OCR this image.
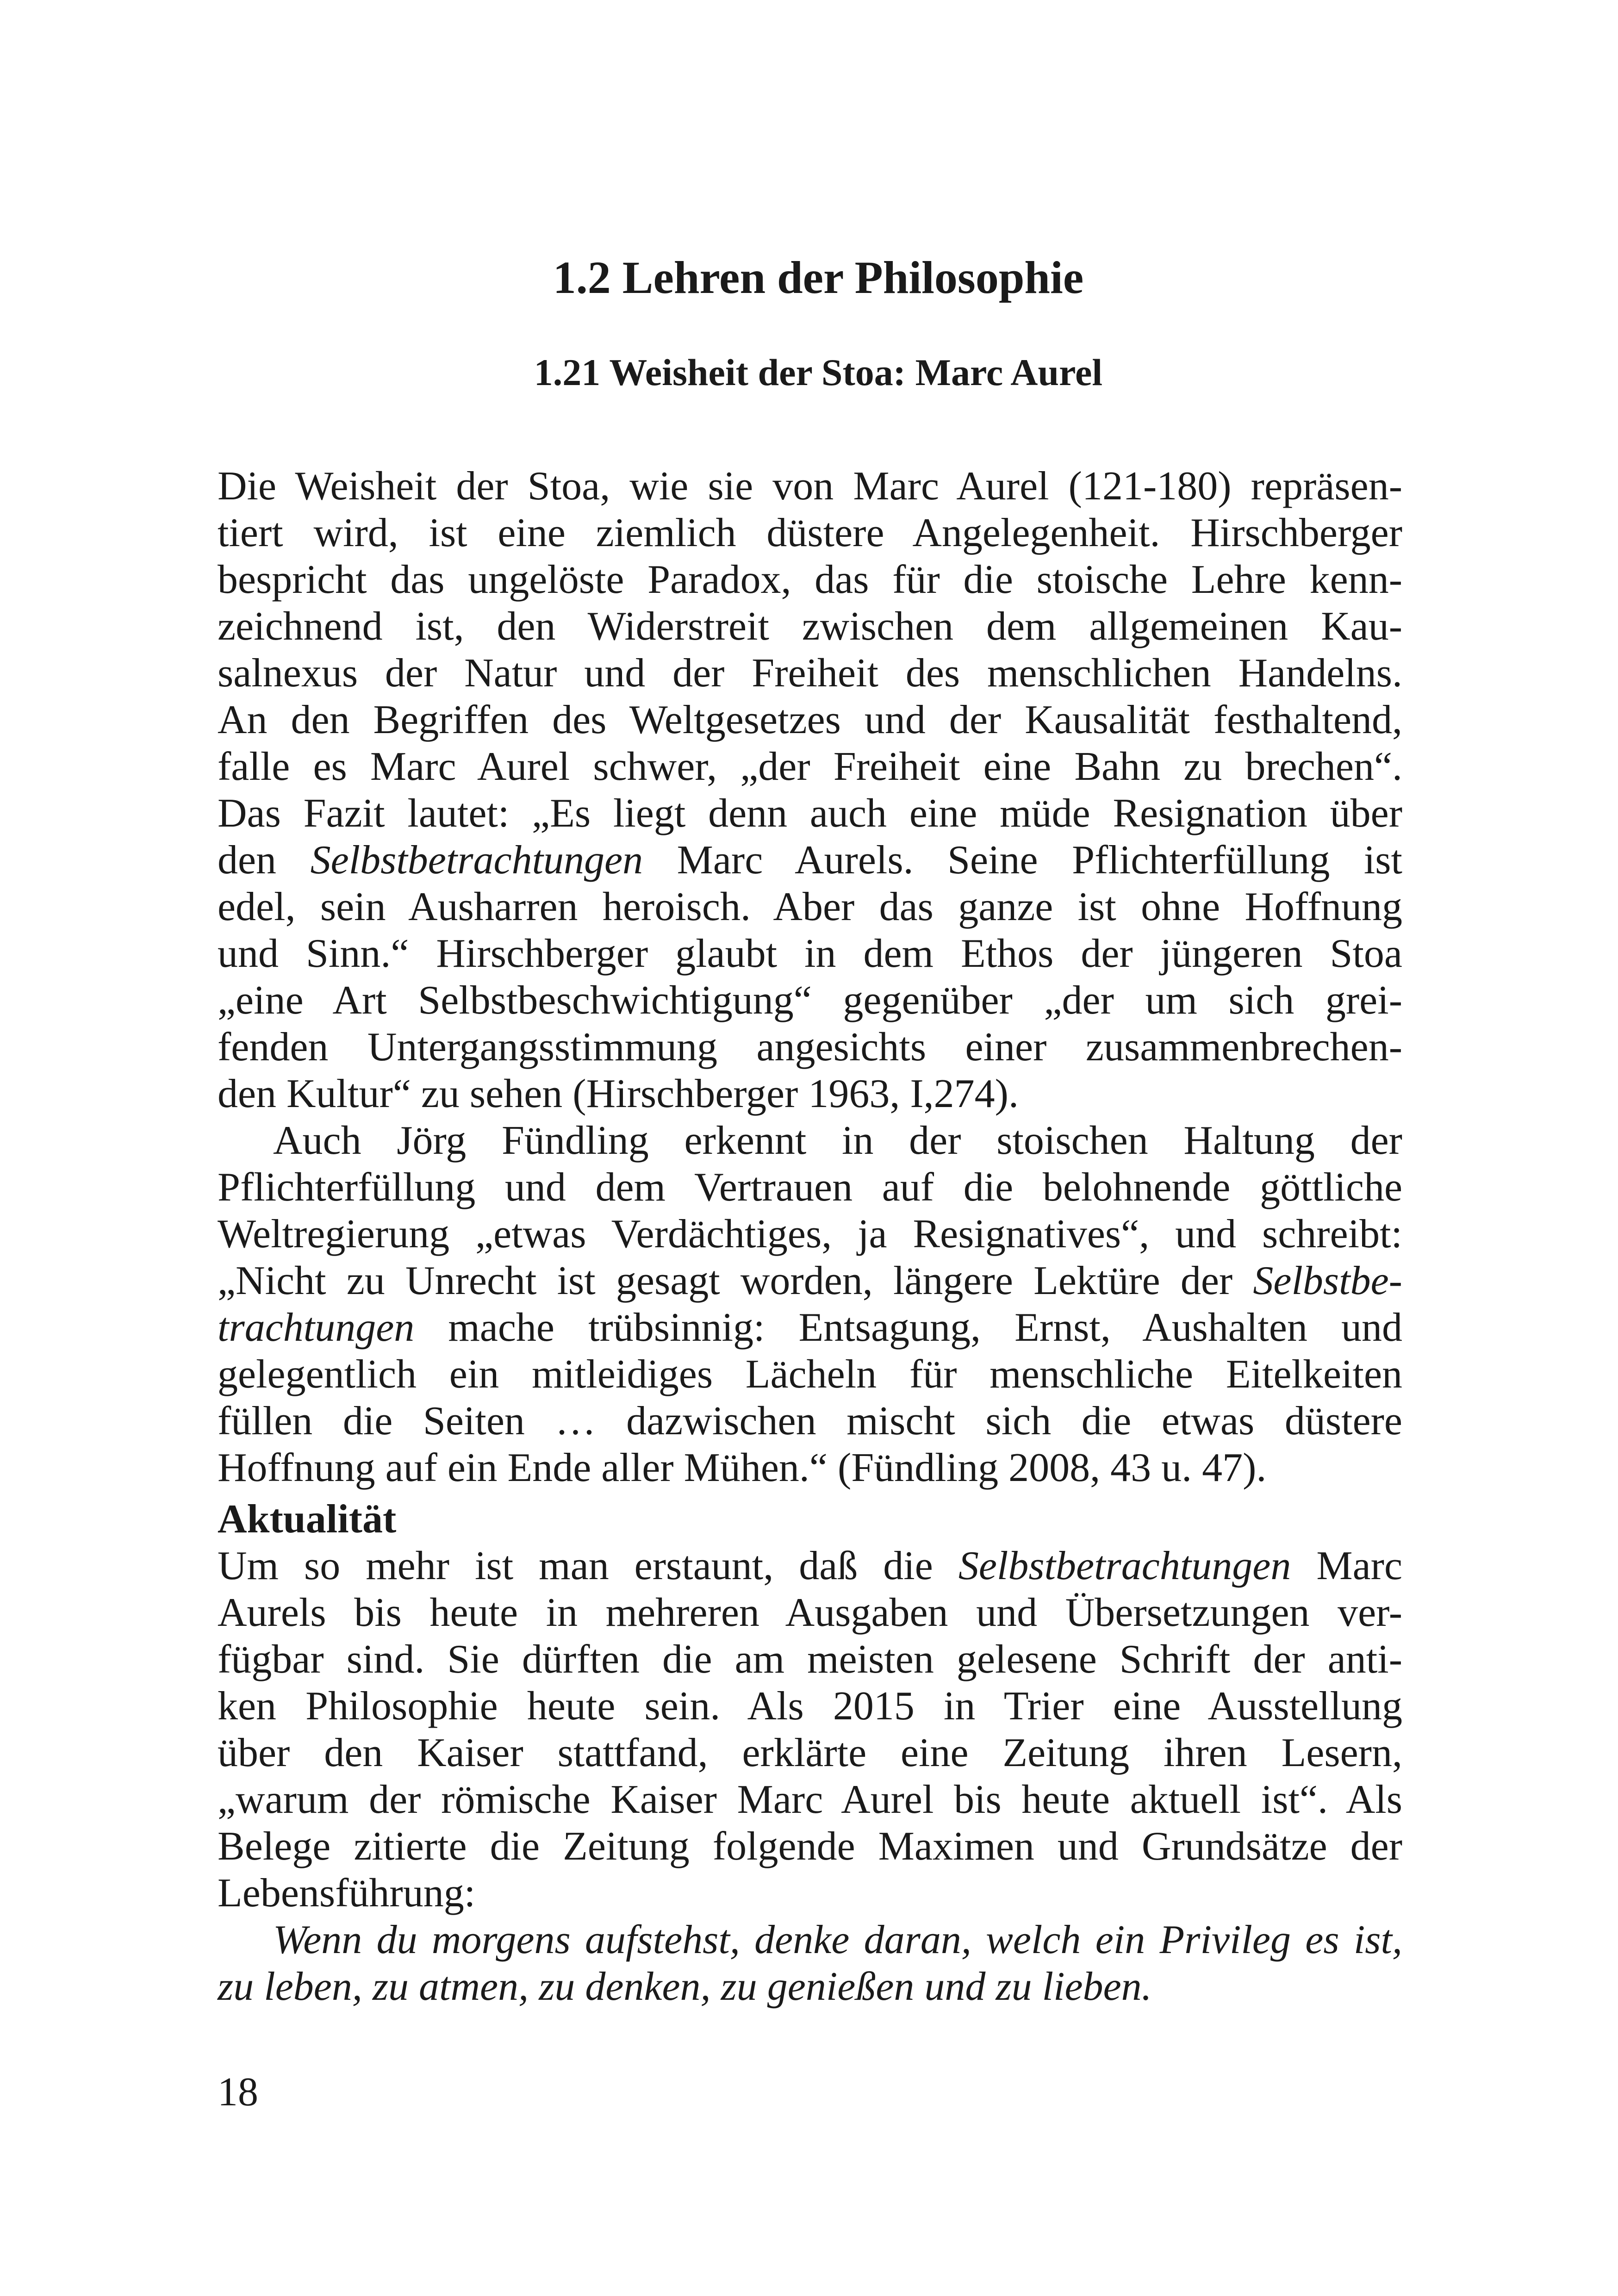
1.2 Lehren der Philosophie
1.21 Weisheit der Stoa: Marc Aurel
Die Weisheit der Stoa, wie sie von Marc Aurel (121-180) repräsen-
tiert wird, ist eine ziemlich düstere Angelegenheit. Hirschberger
bespricht das ungelöste Paradox, das für die stoische Lehre kenn-
zeichnend ist, den Widerstreit zwischen dem allgemeinen Kau-
salnexus der Natur und der Freiheit des menschlichen Handelns.
An den Begriffen des Weltgesetzes und der Kausalität festhaltend,
falle es Marc Aurel schwer, „der Freiheit eine Bahn zu brechen“.
Das Fazit lautet: „Es liegt denn auch eine müde Resignation über
den Selbstbetrachtungen Marc Aurels. Seine Pflichterfüllung ist
edel, sein Ausharren heroisch. Aber das ganze ist ohne Hoffnung
und Sinn.“ Hirschberger glaubt in dem Ethos der jüngeren Stoa
„eine Art Selbstbeschwichtigung“ gegenüber „der um sich grei-
fenden Untergangsstimmung angesichts einer zusammenbrechen-
den Kultur“ zu sehen (Hirschberger 1963, I,274).
Auch Jörg Fündling erkennt in der stoischen Haltung der
Pflichterfüllung und dem Vertrauen auf die belohnende göttliche
Weltregierung „etwas Verdächtiges, ja Resignatives“, und schreibt:
„Nicht zu Unrecht ist gesagt worden, längere Lektüre der Selbstbe-
trachtungen mache trübsinnig: Entsagung, Ernst, Aushalten und
gelegentlich ein mitleidiges Lächeln für menschliche Eitelkeiten
füllen die Seiten … dazwischen mischt sich die etwas düstere
Hoffnung auf ein Ende aller Mühen.“ (Fündling 2008, 43 u. 47).
Aktualität
Um so mehr ist man erstaunt, daß die Selbstbetrachtungen Marc
Aurels bis heute in mehreren Ausgaben und Übersetzungen ver-
fügbar sind. Sie dürften die am meisten gelesene Schrift der anti-
ken Philosophie heute sein. Als 2015 in Trier eine Ausstellung
über den Kaiser stattfand, erklärte eine Zeitung ihren Lesern,
„warum der römische Kaiser Marc Aurel bis heute aktuell ist“. Als
Belege zitierte die Zeitung folgende Maximen und Grundsätze der
Lebensführung:
Wenn du morgens aufstehst, denke daran, welch ein Privileg es ist,
zu leben, zu atmen, zu denken, zu genießen und zu lieben.
18
